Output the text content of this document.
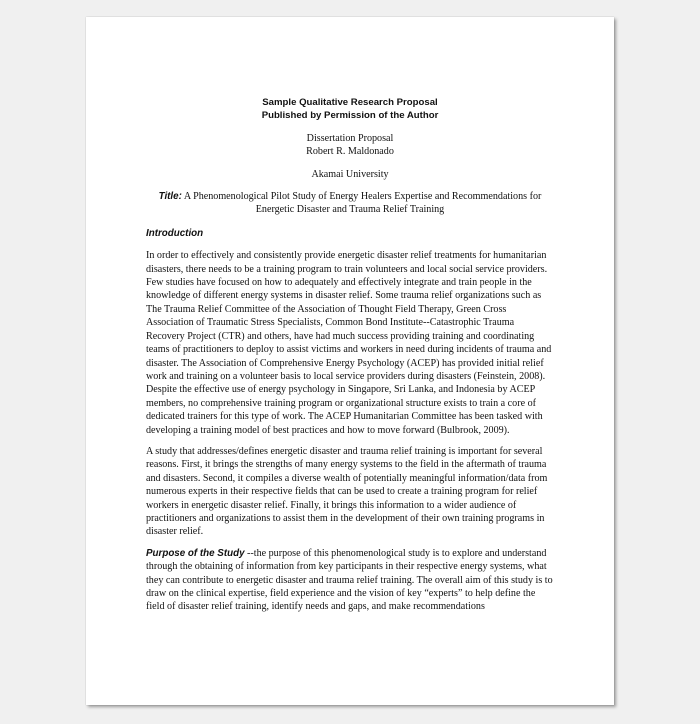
Sample Qualitative Research Proposal
Published by Permission of the Author
Dissertation Proposal
Robert R. Maldonado
Akamai University
Title: A Phenomenological Pilot Study of Energy Healers Expertise and Recommendations for Energetic Disaster and Trauma Relief Training
Introduction

In order to effectively and consistently provide energetic disaster relief treatments for humanitarian disasters, there needs to be a training program to train volunteers and local social service providers. Few studies have focused on how to adequately and effectively integrate and train people in the knowledge of different energy systems in disaster relief. Some trauma relief organizations such as The Trauma Relief Committee of the Association of Thought Field Therapy, Green Cross Association of Traumatic Stress Specialists, Common Bond Institute--Catastrophic Trauma Recovery Project (CTR) and others, have had much success providing training and coordinating teams of practitioners to deploy to assist victims and workers in need during incidents of trauma and disaster. The Association of Comprehensive Energy Psychology (ACEP) has provided initial relief work and training on a volunteer basis to local service providers during disasters (Feinstein, 2008). Despite the effective use of energy psychology in Singapore, Sri Lanka, and Indonesia by ACEP members, no comprehensive training program or organizational structure exists to train a core of dedicated trainers for this type of work. The ACEP Humanitarian Committee has been tasked with developing a training model of best practices and how to move forward (Bulbrook, 2009).

A study that addresses/defines energetic disaster and trauma relief training is important for several reasons. First, it brings the strengths of many energy systems to the field in the aftermath of trauma and disasters. Second, it compiles a diverse wealth of potentially meaningful information/data from numerous experts in their respective fields that can be used to create a training program for relief workers in energetic disaster relief. Finally, it brings this information to a wider audience of practitioners and organizations to assist them in the development of their own training programs in disaster relief.

Purpose of the Study --the purpose of this phenomenological study is to explore and understand through the obtaining of information from key participants in their respective energy systems, what they can contribute to energetic disaster and trauma relief training. The overall aim of this study is to draw on the clinical expertise, field experience and the vision of key “experts” to help define the field of disaster relief training, identify needs and gaps, and make recommendations
